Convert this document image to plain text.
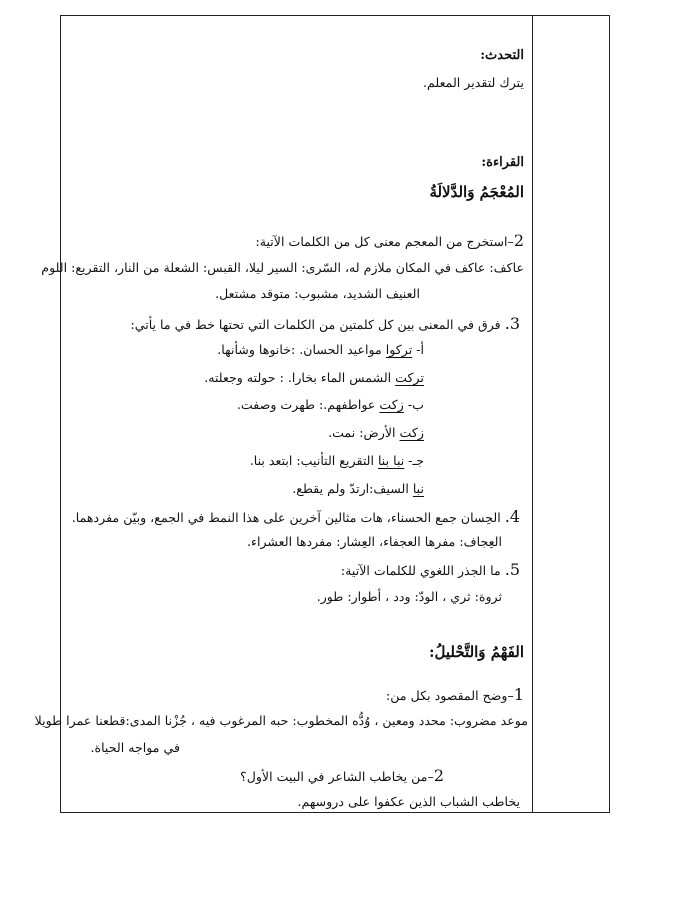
التحدث:
يترك لتقدير المعلم.
القراءة:
المُعْجَمُ وَالدَّلالَةُ
2–استخرج من المعجم معنى كل من الكلمات الآتية:
عاكف: عاكف في المكان ملازم له، السّرى: السير ليلا، القبس: الشعلة من النار، التقريع: اللوم
العنيف الشديد، مشبوب: متوقد مشتعل.
3. فرق في المعنى بين كل كلمتين من الكلمات التي تحتها خط في ما يأتي:
أ- تركوا مواعيد الحسان. :خانوها وشأنها.
تركت الشمس الماء بخارا. : حولته وجعلته.
ب- زكت عواطفهم.: طهرت وصفت.
زكت الأرض: نمت.
جـ- نبا بنا التقريع التأنيب: ابتعد بنا.
نبا السيف:ارتدّ ولم يقطع.
4. الحِسان جمع الحسناء، هات مثالين آخرين على هذا النمط في الجمع، وبيّن مفردهما.
العِجاف: مفرها العجفاء، العِشار: مفردها العشراء.
5. ما الجذر اللغوي للكلمات الآتية:
ثروة: ثري ، الودّ: ودد ، أطوار: طور.
الفَهْمُ وَالتَّحْليلُ:
1–وضح المقصود بكل من:
موعد مضروب: محدد ومعين ، وُدُّه المخطوب: حبه المرغوب فيه ، جُزْنا المدى:قطعنا عمرا طويلا
في مواجه الحياة.
2–من يخاطب الشاعر في البيت الأول؟
يخاطب الشباب الذين عكفوا على دروسهم.
